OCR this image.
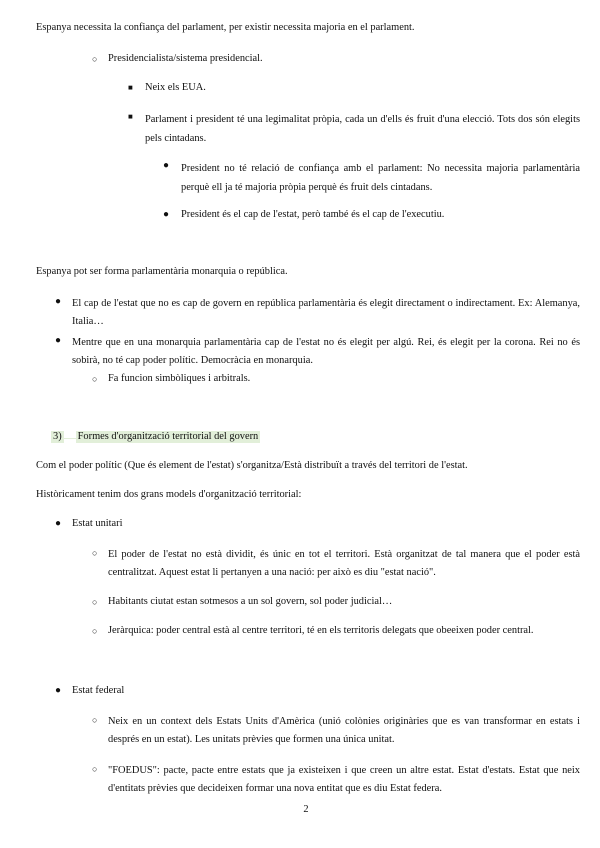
Espanya necessita la confiança del parlament, per existir necessita majoria en el parlament.
○ Presidencialista/sistema presidencial.
■ Neix els EUA.
■ Parlament i president té una legimalitat pròpia, cada un d'ells és fruit d'una elecció. Tots dos són elegits pels cintadans.
● President no té relació de confiança amb el parlament: No necessita majoria parlamentària perquè ell ja té majoria pròpia perquè és fruit dels cintadans.
● President és el cap de l'estat, però també és el cap de l'executiu.
Espanya pot ser forma parlamentària monarquia o república.
● El cap de l'estat que no es cap de govern en república parlamentària és elegit directament o indirectament. Ex: Alemanya, Italia…
● Mentre que en una monarquia parlamentària cap de l'estat no és elegit per algú. Rei, és elegit per la corona. Rei no és sobirà, no té cap poder polític. Democràcia en monarquia.
○ Fa funcion simbòliques i arbitrals.
3) Formes d'organització territorial del govern
Com el poder polític (Que és element de l'estat) s'organitza/Està distribuït a través del territori de l'estat.
Històricament tenim dos grans models d'organització territorial:
● Estat unitari
○ El poder de l'estat no està dividit, és únic en tot el territori. Està organitzat de tal manera que el poder està centralitzat. Aquest estat li pertanyen a una nació: per això es diu "estat nació".
○ Habitants ciutat estan sotmesos a un sol govern, sol poder judicial…
○ Jeràrquica: poder central està al centre territori, té en els territoris delegats que obeeixen poder central.
● Estat federal
○ Neix en un context dels Estats Units d'Amèrica (unió colònies originàries que es van transformar en estats i després en un estat). Les unitats prèvies que formen una única unitat.
○ "FOEDUS": pacte, pacte entre estats que ja existeixen i que creen un altre estat. Estat d'estats. Estat que neix d'entitats prèvies que decideixen formar una nova entitat que es diu Estat federa.
2
